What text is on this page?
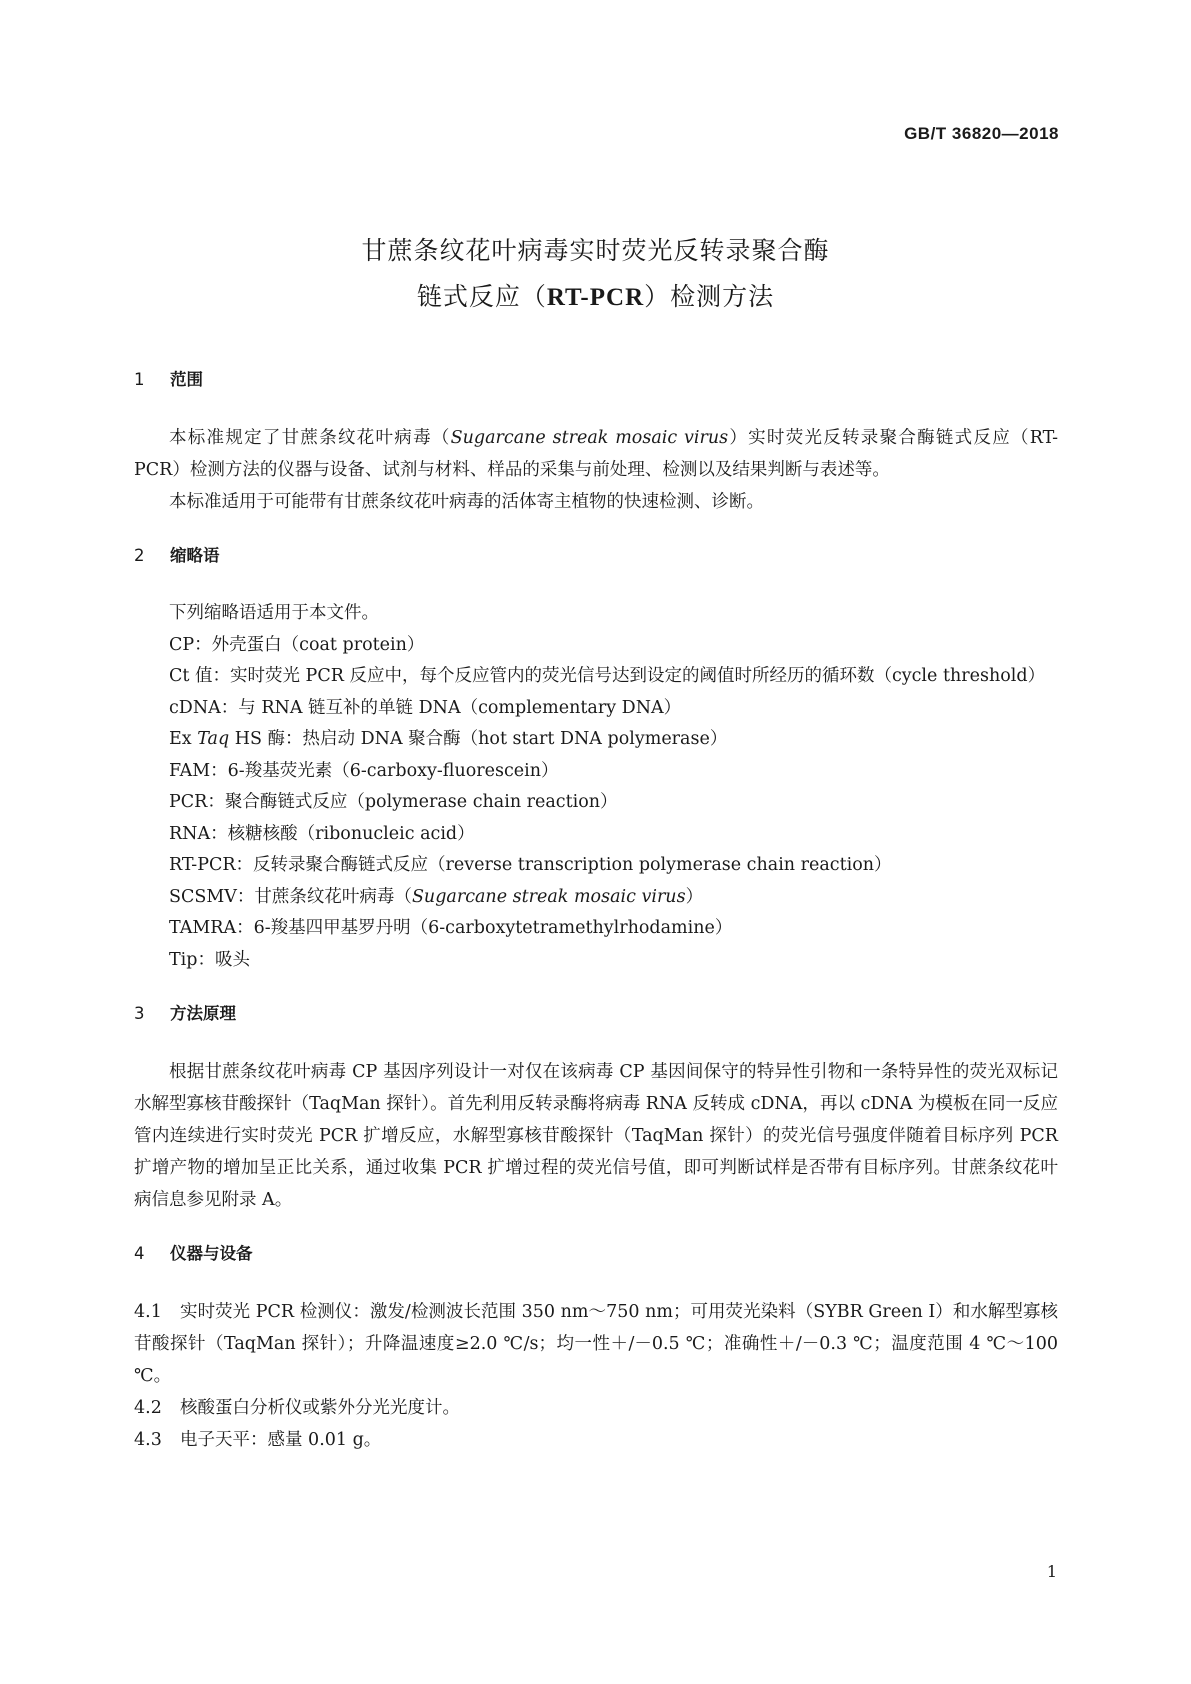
GB/T 36820—2018
甘蔗条纹花叶病毒实时荧光反转录聚合酶
链式反应（RT-PCR）检测方法
1 范围

本标准规定了甘蔗条纹花叶病毒（Sugarcane streak mosaic virus）实时荧光反转录聚合酶链式反应（RT-PCR）检测方法的仪器与设备、试剂与材料、样品的采集与前处理、检测以及结果判断与表述等。

本标准适用于可能带有甘蔗条纹花叶病毒的活体寄主植物的快速检测、诊断。

2 缩略语

下列缩略语适用于本文件。

CP：外壳蛋白（coat protein）

Ct 值：实时荧光 PCR 反应中，每个反应管内的荧光信号达到设定的阈值时所经历的循环数（cycle threshold）

cDNA：与 RNA 链互补的单链 DNA（complementary DNA）

Ex Taq HS 酶：热启动 DNA 聚合酶（hot start DNA polymerase）

FAM：6-羧基荧光素（6-carboxy-fluorescein）

PCR：聚合酶链式反应（polymerase chain reaction）

RNA：核糖核酸（ribonucleic acid）

RT-PCR：反转录聚合酶链式反应（reverse transcription polymerase chain reaction）

SCSMV：甘蔗条纹花叶病毒（Sugarcane streak mosaic virus）

TAMRA：6-羧基四甲基罗丹明（6-carboxytetramethylrhodamine）

Tip：吸头

3 方法原理

根据甘蔗条纹花叶病毒 CP 基因序列设计一对仅在该病毒 CP 基因间保守的特异性引物和一条特异性的荧光双标记水解型寡核苷酸探针（TaqMan 探针）。首先利用反转录酶将病毒 RNA 反转成 cDNA，再以 cDNA 为模板在同一反应管内连续进行实时荧光 PCR 扩增反应，水解型寡核苷酸探针（TaqMan 探针）的荧光信号强度伴随着目标序列 PCR 扩增产物的增加呈正比关系，通过收集 PCR 扩增过程的荧光信号值，即可判断试样是否带有目标序列。甘蔗条纹花叶病信息参见附录 A。

4 仪器与设备

4.1 实时荧光 PCR 检测仪：激发/检测波长范围 350 nm～750 nm；可用荧光染料（SYBR Green I）和水解型寡核苷酸探针（TaqMan 探针）；升降温速度≥2.0 ℃/s；均一性＋/－0.5 ℃；准确性＋/－0.3 ℃；温度范围 4 ℃～100 ℃。

4.2 核酸蛋白分析仪或紫外分光光度计。

4.3 电子天平：感量 0.01 g。

1
